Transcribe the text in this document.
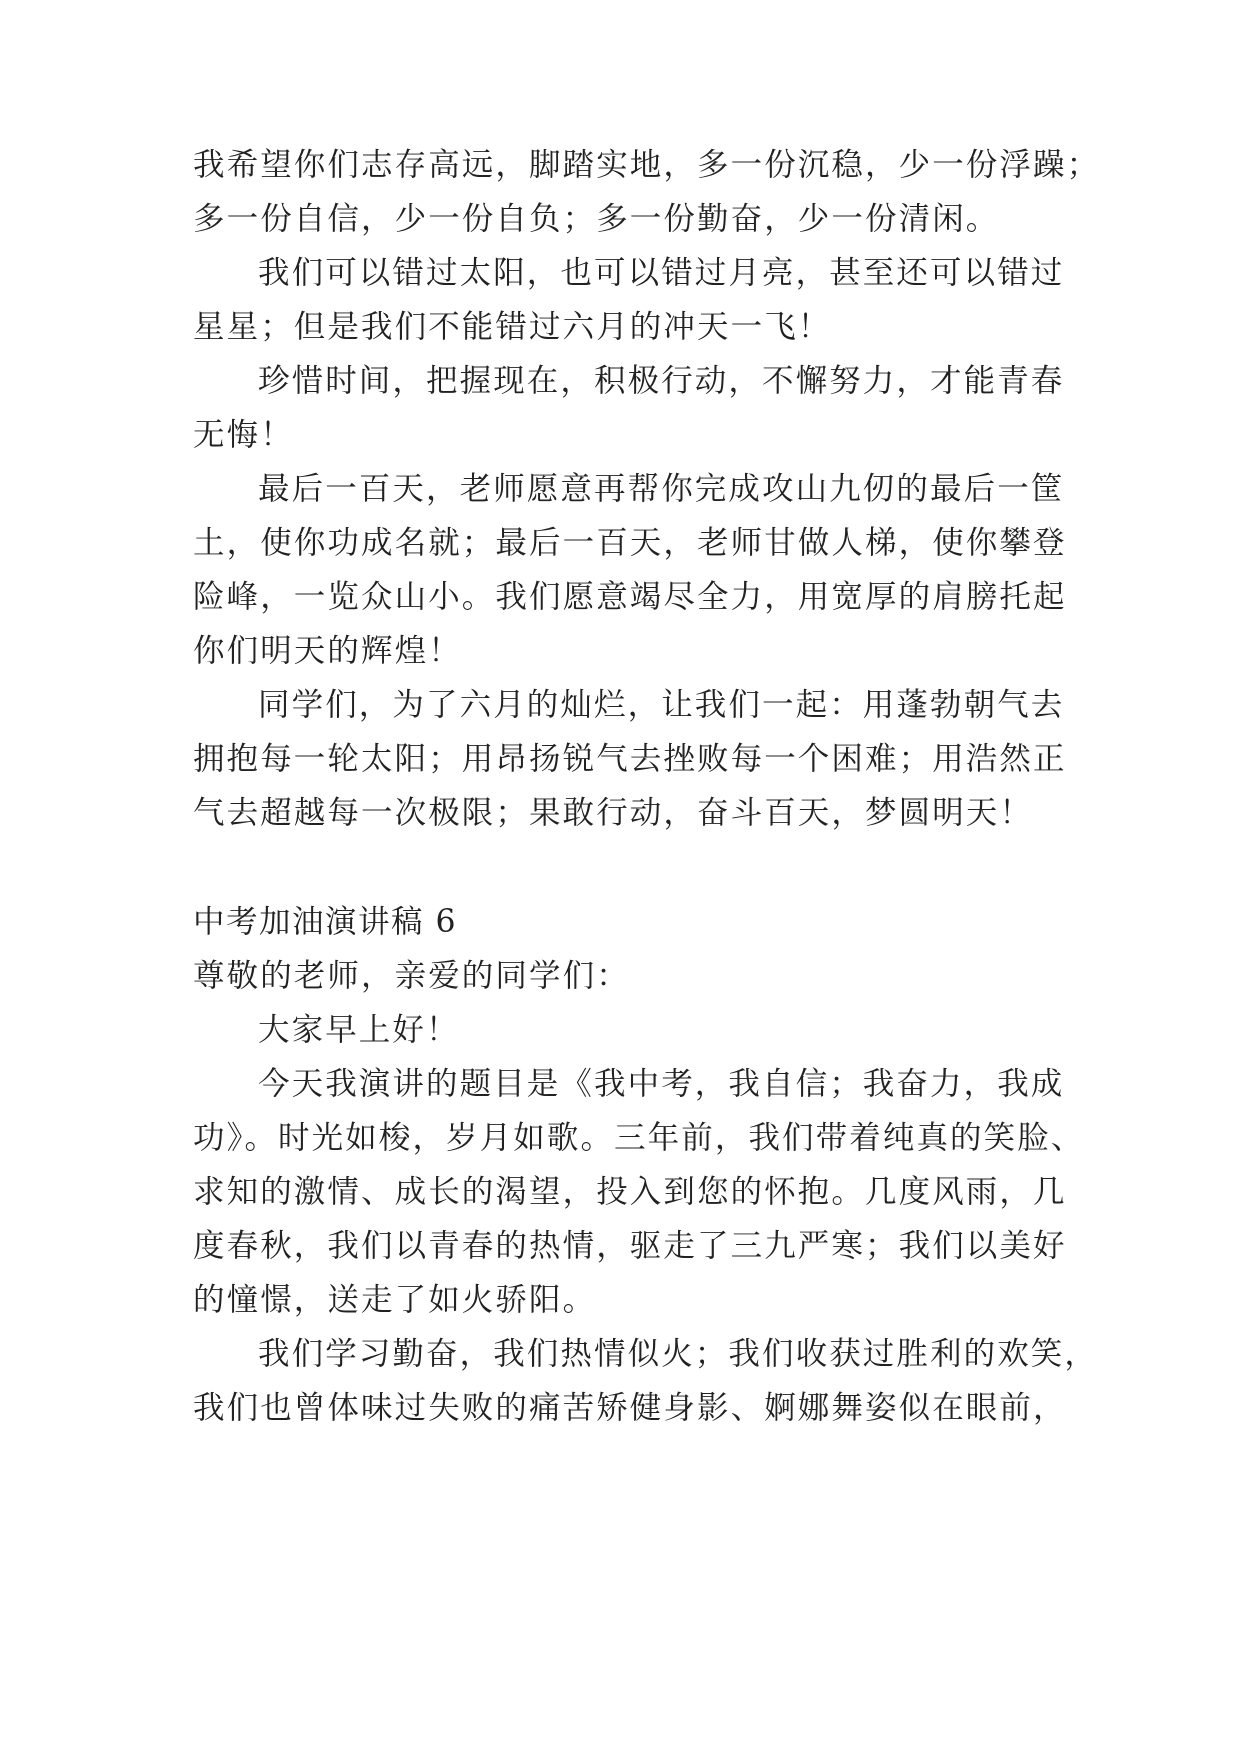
我希望你们志存高远，脚踏实地，多一份沉稳，少一份浮躁；
多一份自信，少一份自负；多一份勤奋，少一份清闲。
我们可以错过太阳，也可以错过月亮，甚至还可以错过
星星；但是我们不能错过六月的冲天一飞！
珍惜时间，把握现在，积极行动，不懈努力，才能青春
无悔！
最后一百天，老师愿意再帮你完成攻山九仞的最后一筐
土，使你功成名就；最后一百天，老师甘做人梯，使你攀登
险峰，一览众山小。我们愿意竭尽全力，用宽厚的肩膀托起
你们明天的辉煌！
同学们，为了六月的灿烂，让我们一起：用蓬勃朝气去
拥抱每一轮太阳；用昂扬锐气去挫败每一个困难；用浩然正
气去超越每一次极限；果敢行动，奋斗百天，梦圆明天！
中考加油演讲稿 6
尊敬的老师，亲爱的同学们：
大家早上好！
今天我演讲的题目是《我中考，我自信；我奋力，我成
功》。时光如梭，岁月如歌。三年前，我们带着纯真的笑脸、
求知的激情、成长的渴望，投入到您的怀抱。几度风雨，几
度春秋，我们以青春的热情，驱走了三九严寒；我们以美好
的憧憬，送走了如火骄阳。
我们学习勤奋，我们热情似火；我们收获过胜利的欢笑，
我们也曾体味过失败的痛苦矫健身影、婀娜舞姿似在眼前，
